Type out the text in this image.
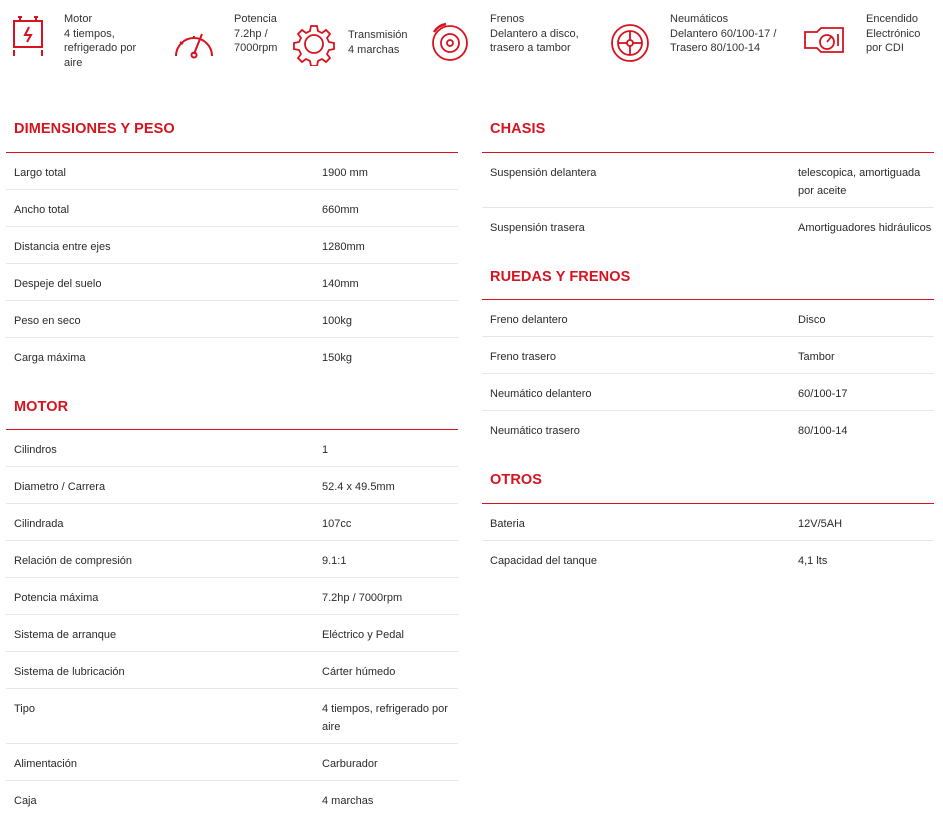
Motor
4 tiempos,
refrigerado por
aire
Potencia
7.2hp /
7000rpm
Transmisión
4 marchas
Frenos
Delantero a disco,
trasero a tambor
Neumáticos
Delantero 60/100-17 /
Trasero 80/100-14
Encendido
Electrónico
por CDI
DIMENSIONES Y PESO
Largo total	1900 mm
Ancho total	660mm
Distancia entre ejes	1280mm
Despeje del suelo	140mm
Peso en seco	100kg
Carga máxima	150kg
MOTOR
Cilindros	1
Diametro / Carrera	52.4 x 49.5mm
Cilindrada	107cc
Relación de compresión	9.1:1
Potencia máxima	7.2hp / 7000rpm
Sistema de arranque	Eléctrico y Pedal
Sistema de lubricación	Cárter húmedo
Tipo	4 tiempos, refrigerado por aire
Alimentación	Carburador
Caja	4 marchas
CHASIS
Suspensión delantera	telescopica, amortiguada por aceite
Suspensión trasera	Amortiguadores hidráulicos
RUEDAS Y FRENOS
Freno delantero	Disco
Freno trasero	Tambor
Neumático delantero	60/100-17
Neumático trasero	80/100-14
OTROS
Bateria	12V/5AH
Capacidad del tanque	4,1 lts
